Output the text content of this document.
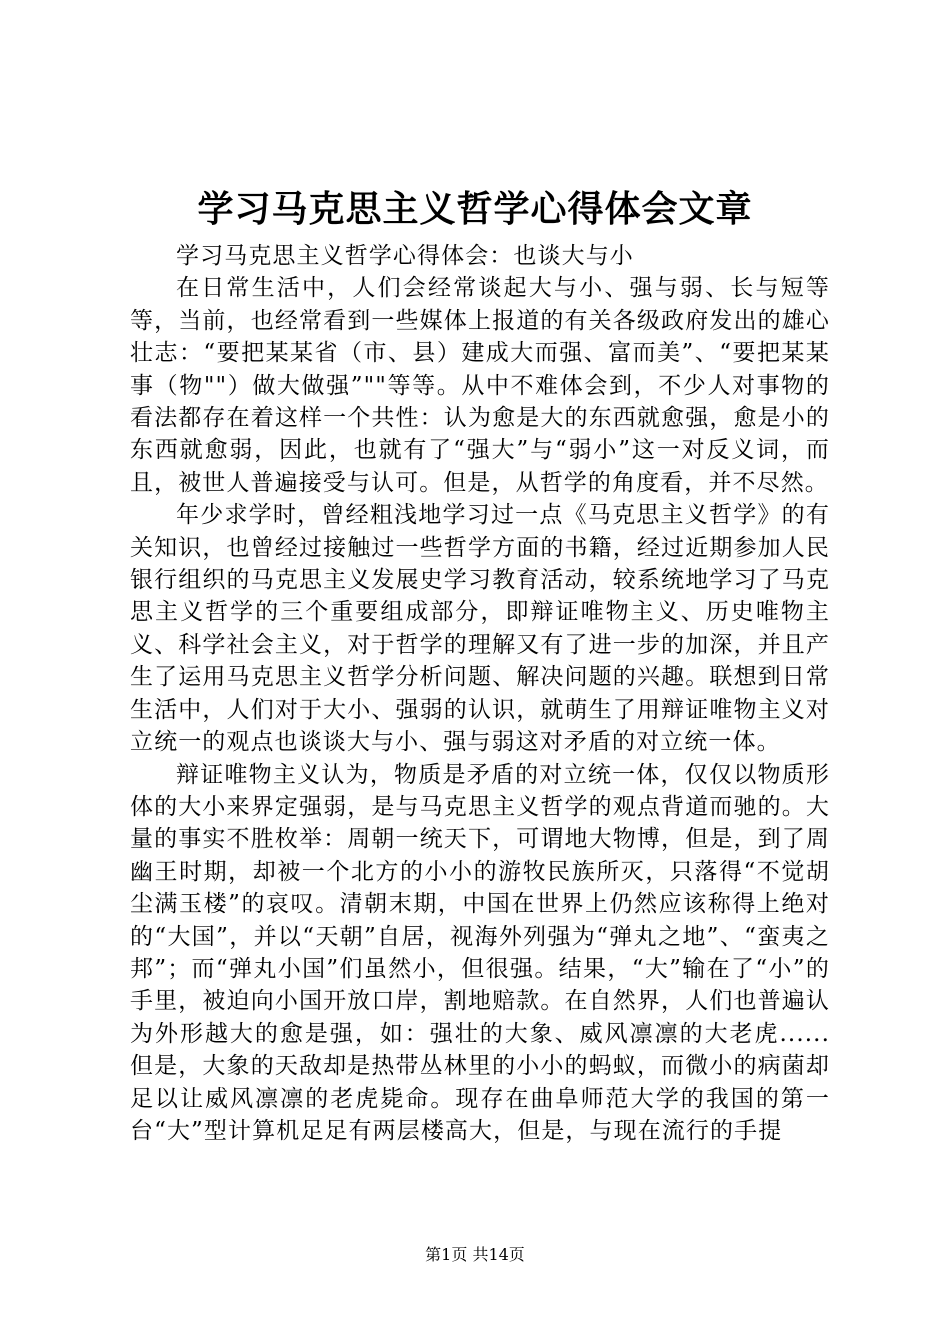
学习马克思主义哲学心得体会文章

学习马克思主义哲学心得体会：也谈大与小

在日常生活中，人们会经常谈起大与小、强与弱、长与短等等，当前，也经常看到一些媒体上报道的有关各级政府发出的雄心壮志：“要把某某省（市、县）建成大而强、富而美”、“要把某某事（物""）做大做强”""等等。从中不难体会到，不少人对事物的看法都存在着这样一个共性：认为愈是大的东西就愈强，愈是小的东西就愈弱，因此，也就有了“强大”与“弱小”这一对反义词，而且，被世人普遍接受与认可。但是，从哲学的角度看，并不尽然。

年少求学时，曾经粗浅地学习过一点《马克思主义哲学》的有关知识，也曾经过接触过一些哲学方面的书籍，经过近期参加人民银行组织的马克思主义发展史学习教育活动，较系统地学习了马克思主义哲学的三个重要组成部分，即辩证唯物主义、历史唯物主义、科学社会主义，对于哲学的理解又有了进一步的加深，并且产生了运用马克思主义哲学分析问题、解决问题的兴趣。联想到日常生活中，人们对于大小、强弱的认识，就萌生了用辩证唯物主义对立统一的观点也谈谈大与小、强与弱这对矛盾的对立统一体。

辩证唯物主义认为，物质是矛盾的对立统一体，仅仅以物质形体的大小来界定强弱，是与马克思主义哲学的观点背道而驰的。大量的事实不胜枚举：周朝一统天下，可谓地大物博，但是，到了周幽王时期，却被一个北方的小小的游牧民族所灭，只落得“不觉胡尘满玉楼”的哀叹。清朝末期，中国在世界上仍然应该称得上绝对的“大国”，并以“天朝”自居，视海外列强为“弹丸之地”、“蛮夷之邦”；而“弹丸小国”们虽然小，但很强。结果，“大”输在了“小”的手里，被迫向小国开放口岸，割地赔款。在自然界，人们也普遍认为外形越大的愈是强，如：强壮的大象、威风凛凛的大老虎......但是，大象的天敌却是热带丛林里的小小的蚂蚁，而微小的病菌却足以让威风凛凛的老虎毙命。现存在曲阜师范大学的我国的第一台“大”型计算机足足有两层楼高大，但是，与现在流行的手提

第1页 共14页
